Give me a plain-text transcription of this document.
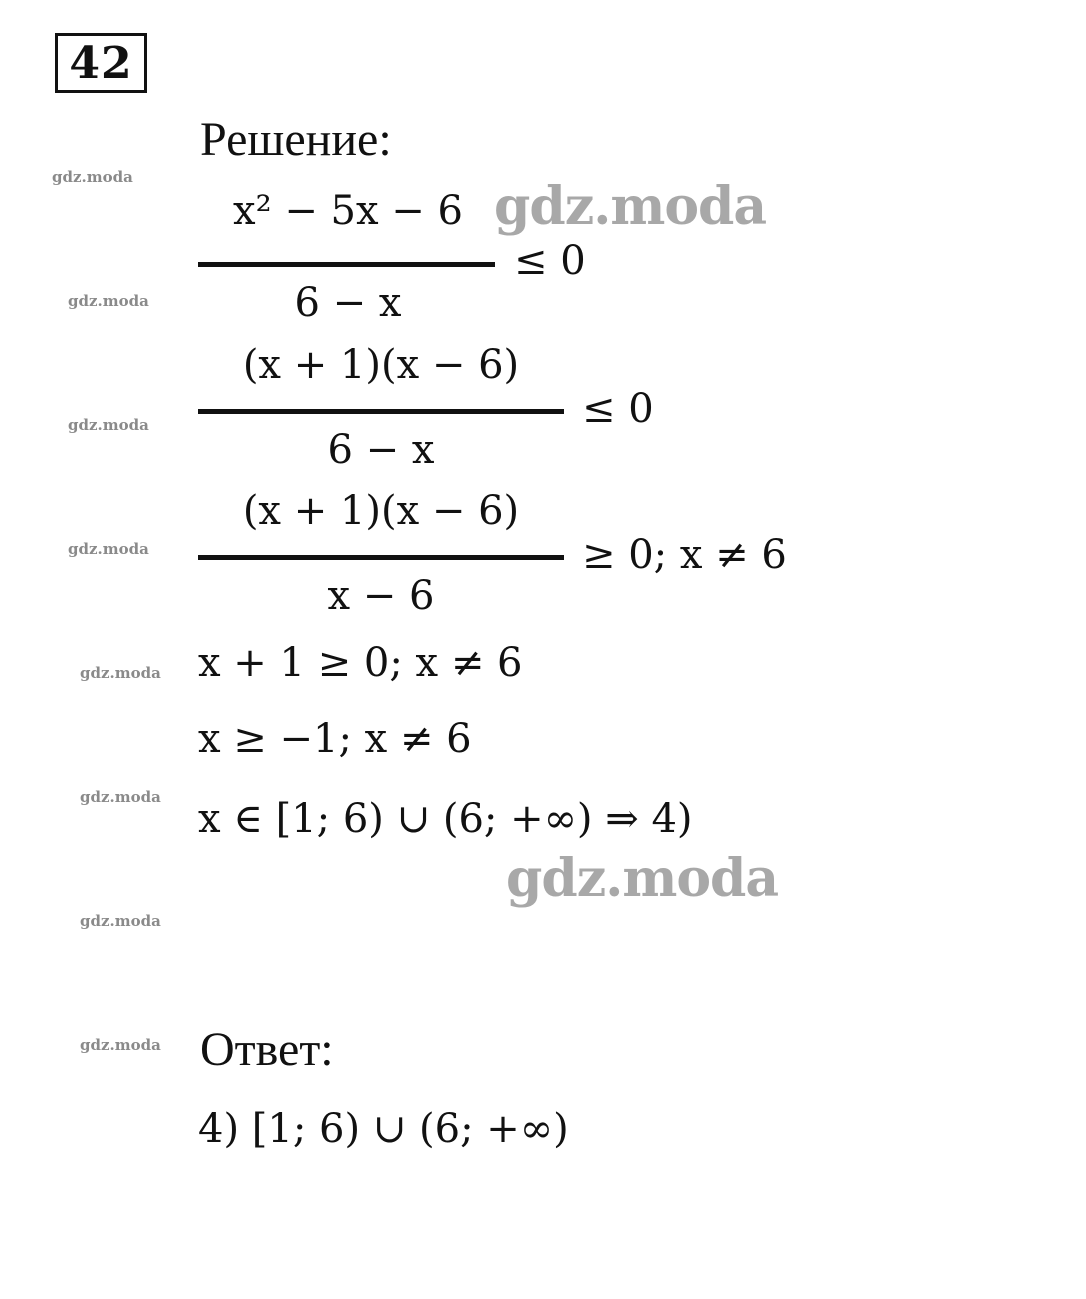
42
Решение:
x² − 5x − 6
6 − x
≤ 0
(x + 1)(x − 6)
6 − x
≤ 0
(x + 1)(x − 6)
x − 6
≥ 0; x ≠ 6
x + 1 ≥ 0; x ≠ 6
x ≥ −1; x ≠ 6
x ∈ [1; 6) ∪ (6; +∞) ⇒ 4)
Ответ:
4) [1; 6) ∪ (6; +∞)
gdz.moda
gdz.moda
gdz.moda
gdz.moda
gdz.moda
gdz.moda
gdz.moda
gdz.moda
gdz.moda
gdz.moda
